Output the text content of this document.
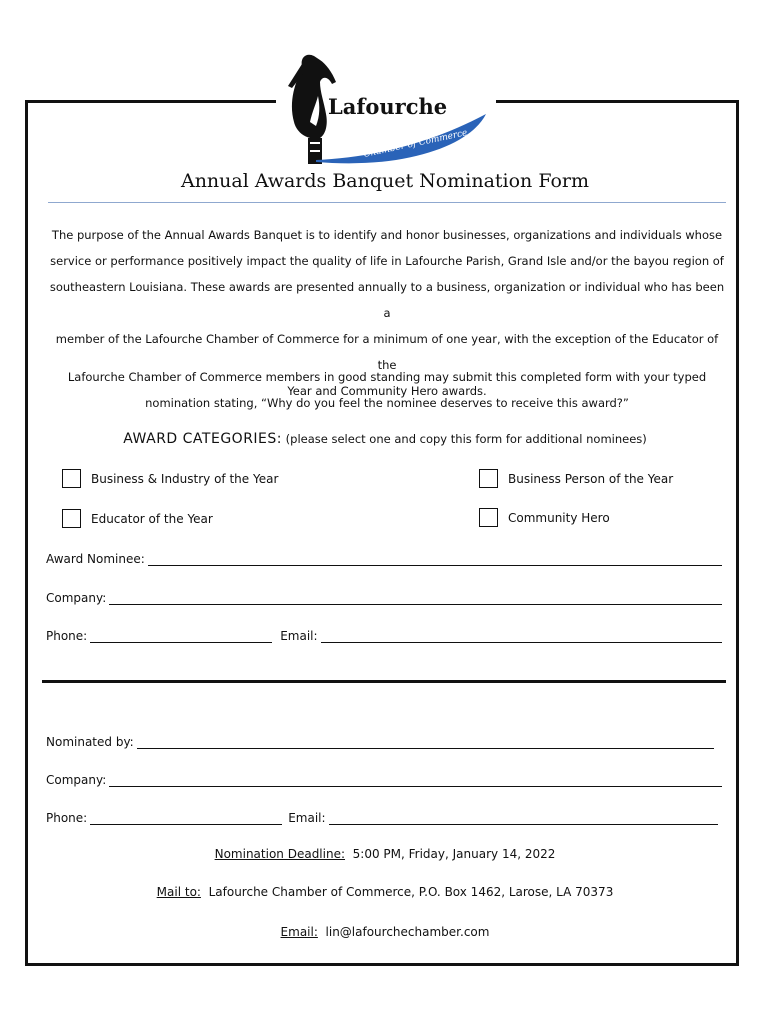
Chamber of Commerce
Lafourche
Annual Awards Banquet Nomination Form
The purpose of the Annual Awards Banquet is to identify and honor businesses, organizations and individuals whose
service or performance positively impact the quality of life in Lafourche Parish, Grand Isle and/or the bayou region of
southeastern Louisiana. These awards are presented annually to a business, organization or individual who has been a
member of the Lafourche Chamber of Commerce for a minimum of one year, with the exception of the Educator of the
Year and Community Hero awards.
Lafourche Chamber of Commerce members in good standing may submit this completed form with your typed
nomination stating, “Why do you feel the nominee deserves to receive this award?”
AWARD CATEGORIES: (please select one and copy this form for additional nominees)
Business & Industry of the Year	Business Person of the Year
Educator of the Year	Community Hero
Award Nominee:
Company:
Phone:	Email:
Nominated by:
Company:
Phone:	Email:
Nomination Deadline: 5:00 PM, Friday, January 14, 2022
Mail to: Lafourche Chamber of Commerce, P.O. Box 1462, Larose, LA 70373
Email: lin@lafourchechamber.com
